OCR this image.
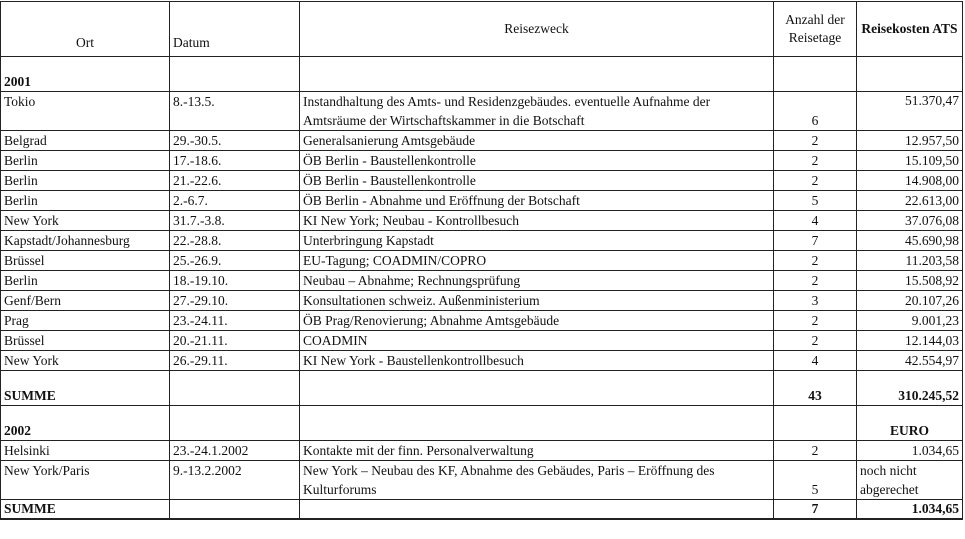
Ort	Datum	Reisezweck	Anzahl der Reisetage	Reisekosten ATS
2001				
Tokio	8.-13.5.	Instandhaltung des Amts- und Residenzgebäudes. eventuelle Aufnahme der Amtsräume der Wirtschaftskammer in die Botschaft	6	51.370,47
Belgrad	29.-30.5.	Generalsanierung Amtsgebäude	2	12.957,50
Berlin	17.-18.6.	ÖB Berlin - Baustellenkontrolle	2	15.109,50
Berlin	21.-22.6.	ÖB Berlin - Baustellenkontrolle	2	14.908,00
Berlin	2.-6.7.	ÖB Berlin - Abnahme und Eröffnung der Botschaft	5	22.613,00
New York	31.7.-3.8.	KI New York; Neubau - Kontrollbesuch	4	37.076,08
Kapstadt/Johannesburg	22.-28.8.	Unterbringung Kapstadt	7	45.690,98
Brüssel	25.-26.9.	EU-Tagung; COADMIN/COPRO	2	11.203,58
Berlin	18.-19.10.	Neubau – Abnahme; Rechnungsprüfung	2	15.508,92
Genf/Bern	27.-29.10.	Konsultationen schweiz. Außenministerium	3	20.107,26
Prag	23.-24.11.	ÖB Prag/Renovierung; Abnahme Amtsgebäude	2	9.001,23
Brüssel	20.-21.11.	COADMIN	2	12.144,03
New York	26.-29.11.	KI New York - Baustellenkontrollbesuch	4	42.554,97
SUMME			43	310.245,52
2002				EURO
Helsinki	23.-24.1.2002	Kontakte mit der finn. Personalverwaltung	2	1.034,65
New York/Paris	9.-13.2.2002	New York – Neubau des KF, Abnahme des Gebäudes, Paris – Eröffnung des Kulturforums	5	noch nicht abgerechet
SUMME			7	1.034,65
